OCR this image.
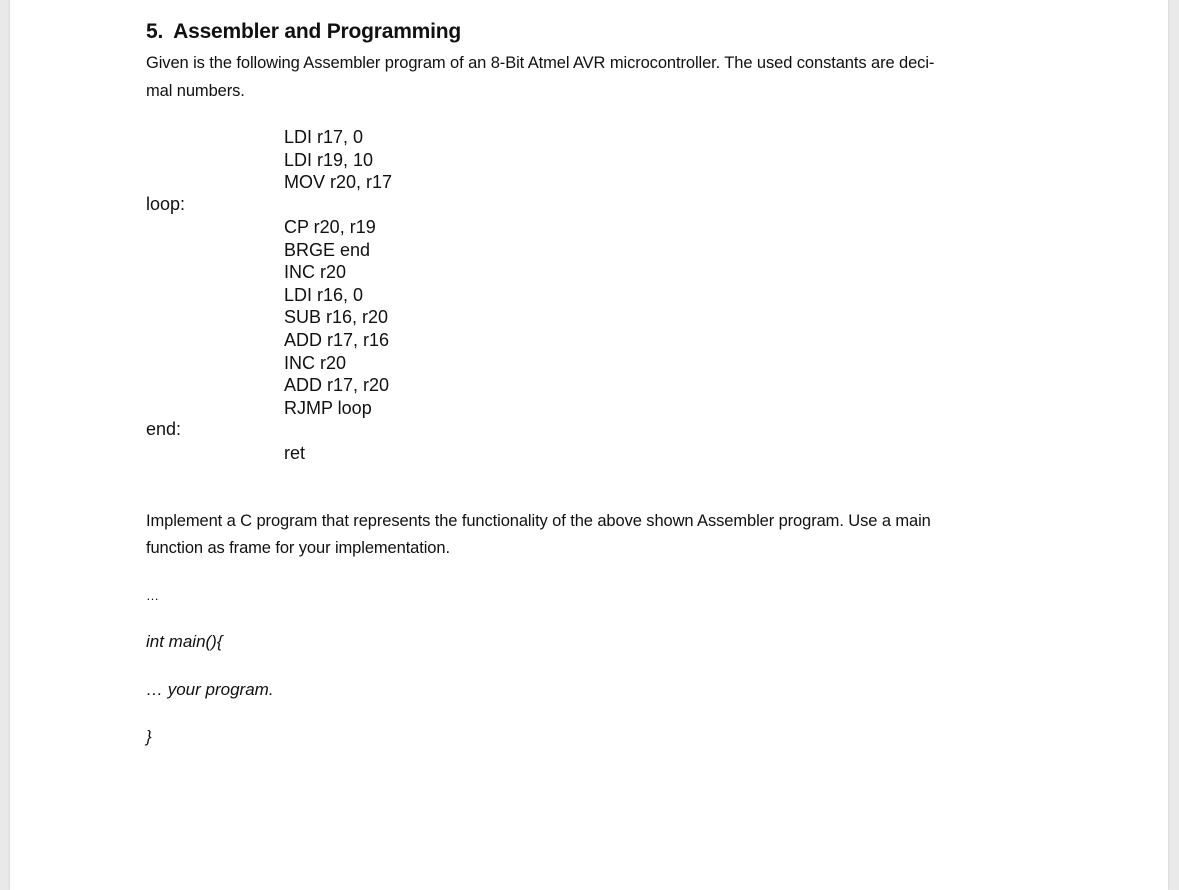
5. Assembler and Programming
Given is the following Assembler program of an 8-Bit Atmel AVR microcontroller. The used constants are deci-
mal numbers.
LDI r17, 0
LDI r19, 10
MOV r20, r17
loop:
CP r20, r19
BRGE end
INC r20
LDI r16, 0
SUB r16, r20
ADD r17, r16
INC r20
ADD r17, r20
RJMP loop
end:
ret
Implement a C program that represents the functionality of the above shown Assembler program. Use a main
function as frame for your implementation.
…
int main(){
… your program.
}
